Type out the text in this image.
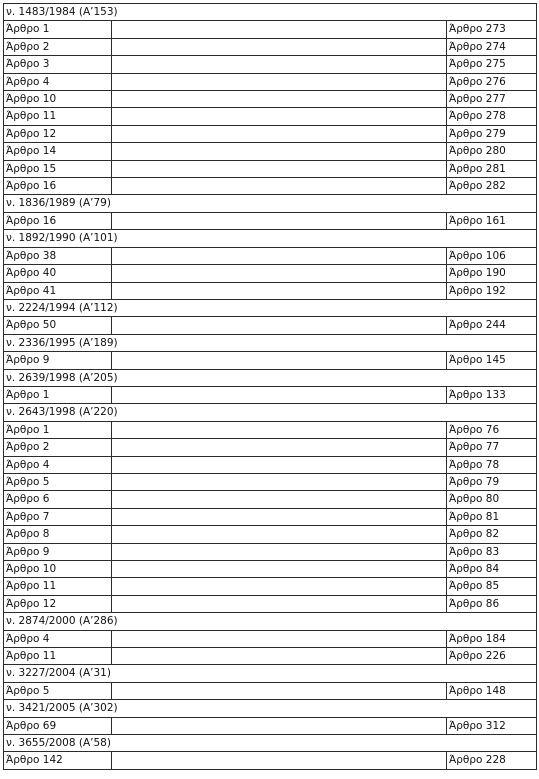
ν. 1483/1984 (Α’153)		
Άρθρο 1		Άρθρο 273
Άρθρο 2		Άρθρο 274
Άρθρο 3		Άρθρο 275
Άρθρο 4		Άρθρο 276
Άρθρο 10		Άρθρο 277
Άρθρο 11		Άρθρο 278
Άρθρο 12		Άρθρο 279
Άρθρο 14		Άρθρο 280
Άρθρο 15		Άρθρο 281
Άρθρο 16		Άρθρο 282
ν. 1836/1989 (Α’79)		
Άρθρο 16		Άρθρο 161
ν. 1892/1990 (Α’101)		
Άρθρο 38		Άρθρο 106
Άρθρο 40		Άρθρο 190
Άρθρο 41		Άρθρο 192
ν. 2224/1994 (Α’112)		
Άρθρο 50		Άρθρο 244
ν. 2336/1995 (Α’189)		
Άρθρο 9		Άρθρο 145
ν. 2639/1998 (Α’205)		
Άρθρο 1		Άρθρο 133
ν. 2643/1998 (Α’220)		
Άρθρο 1		Άρθρο 76
Άρθρο 2		Άρθρο 77
Άρθρο 4		Άρθρο 78
Άρθρο 5		Άρθρο 79
Άρθρο 6		Άρθρο 80
Άρθρο 7		Άρθρο 81
Άρθρο 8		Άρθρο 82
Άρθρο 9		Άρθρο 83
Άρθρο 10		Άρθρο 84
Άρθρο 11		Άρθρο 85
Άρθρο 12		Άρθρο 86
ν. 2874/2000 (Α’286)		
Άρθρο 4		Άρθρο 184
Άρθρο 11		Άρθρο 226
ν. 3227/2004 (Α’31)		
Άρθρο 5		Άρθρο 148
ν. 3421/2005 (Α’302)		
Άρθρο 69		Άρθρο 312
ν. 3655/2008 (Α’58)		
Άρθρο 142		Άρθρο 228
